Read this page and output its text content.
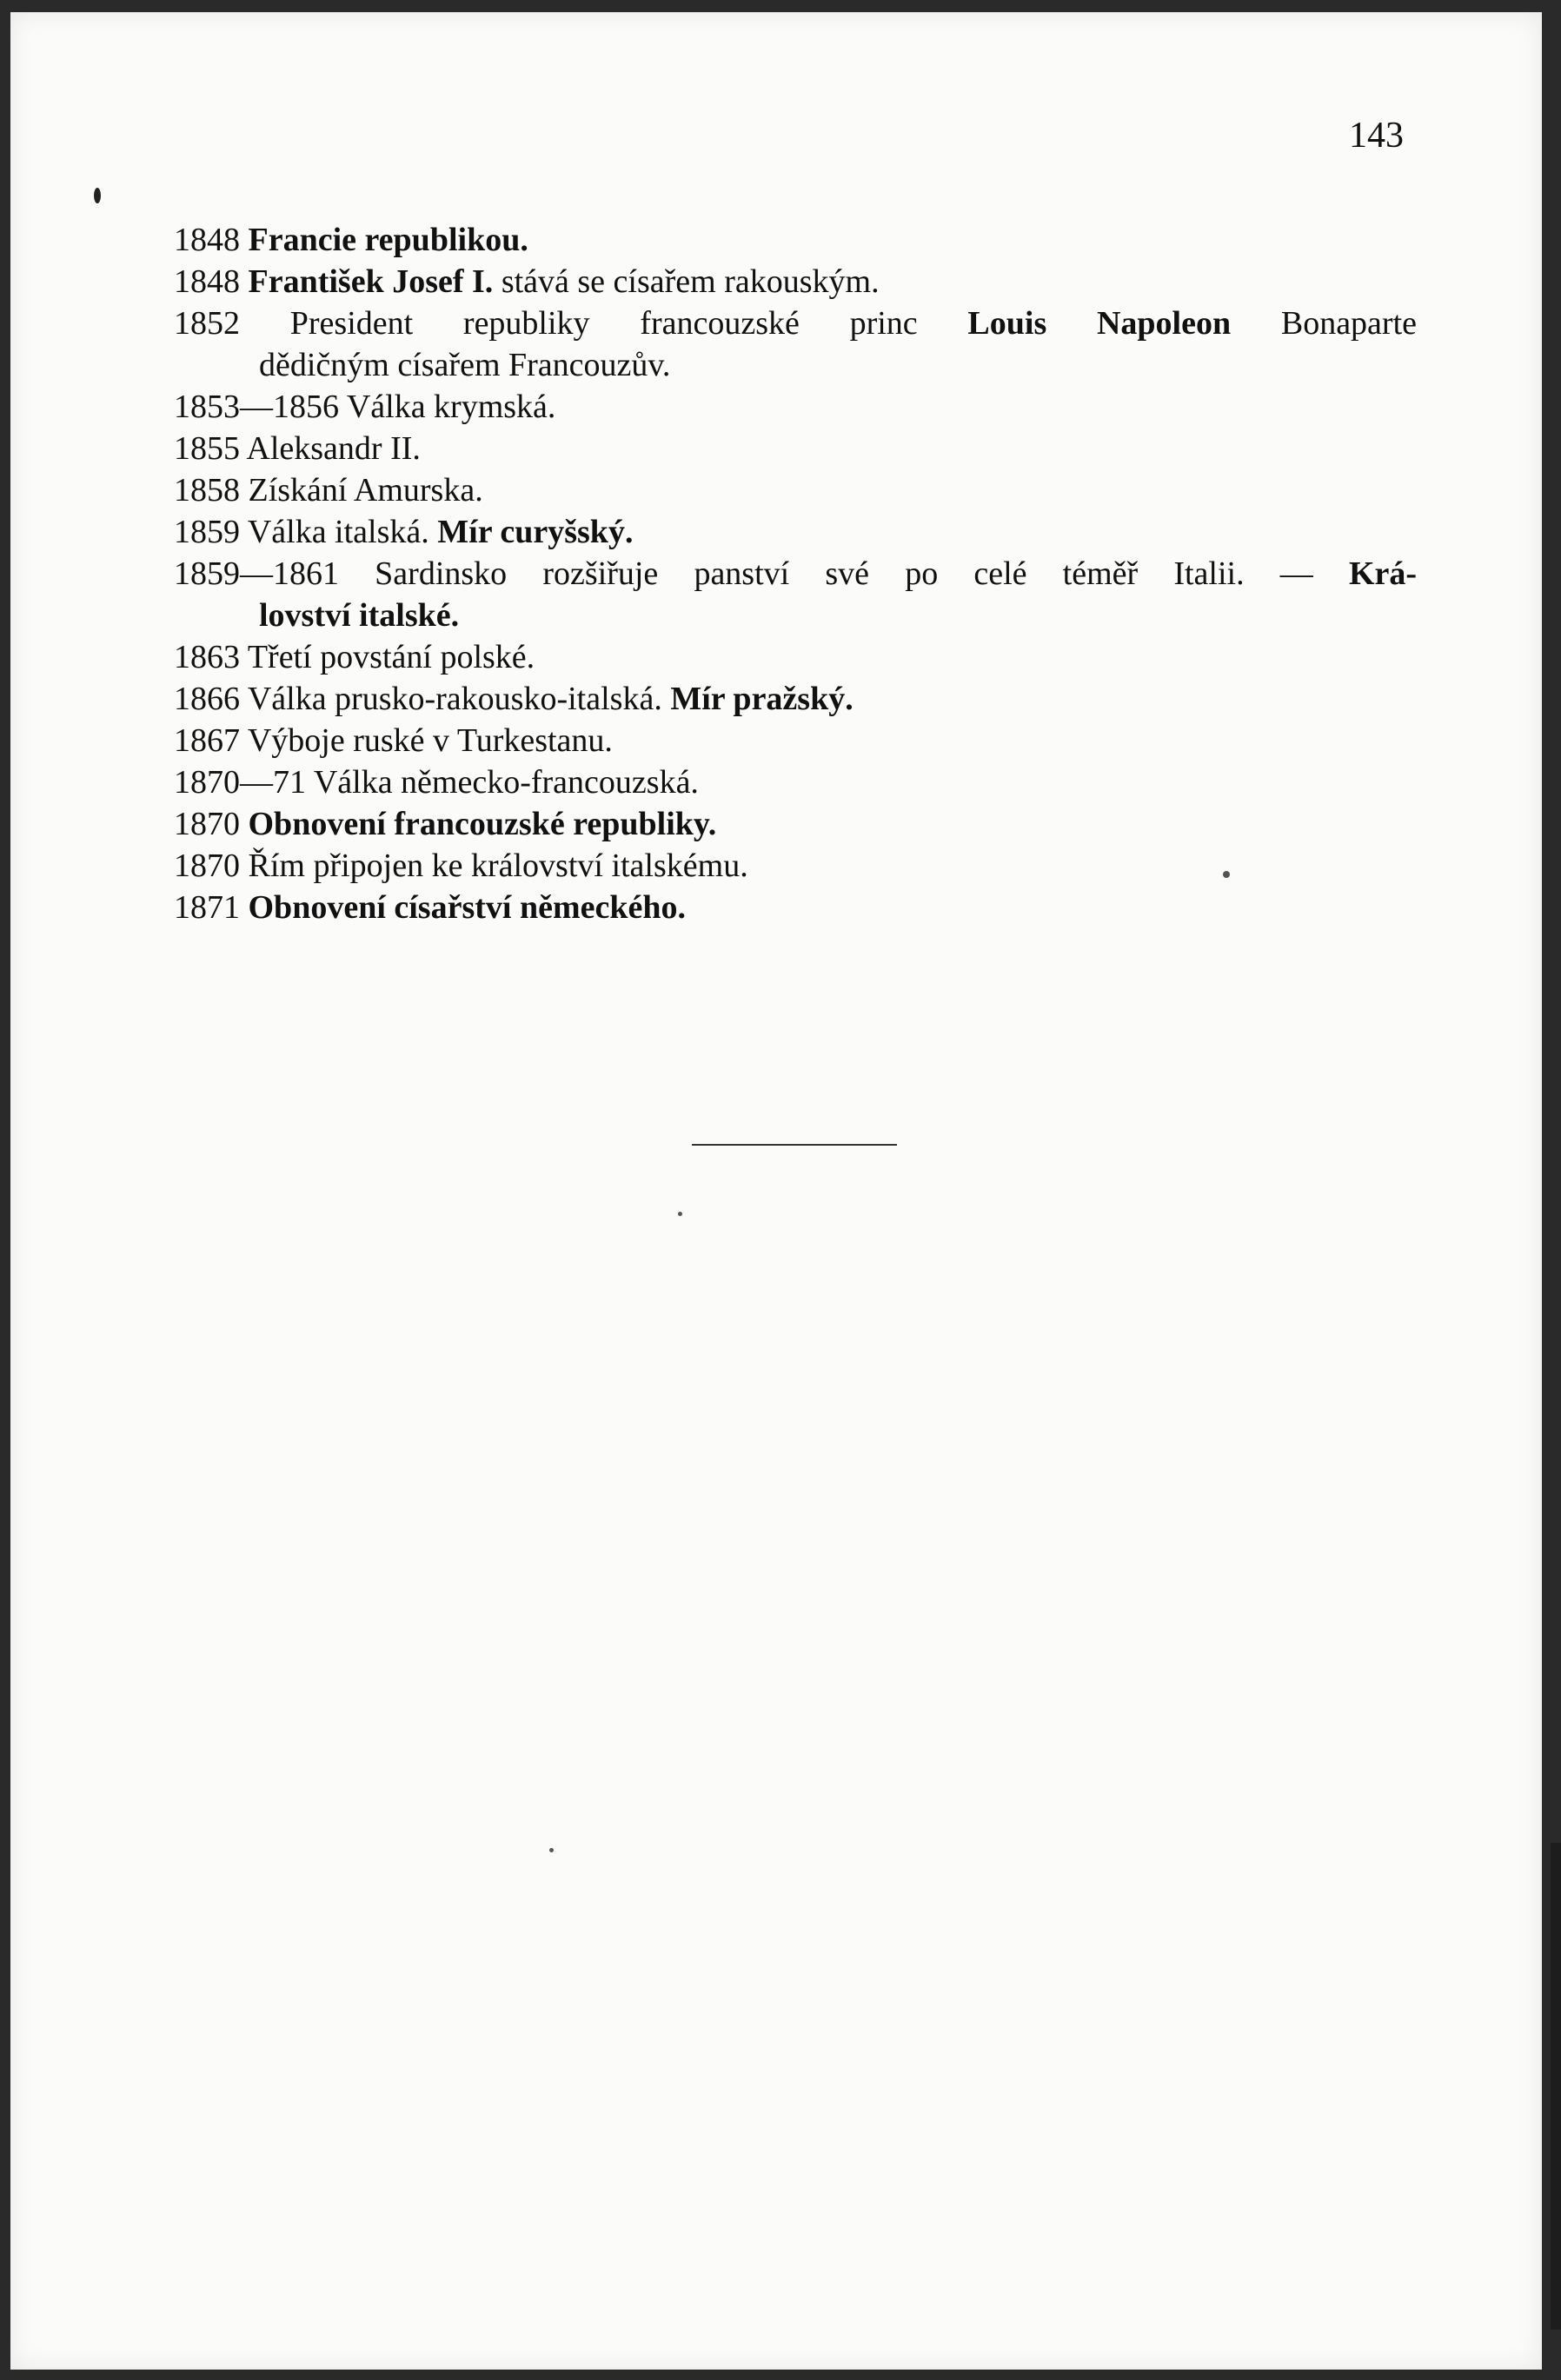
143

1848 Francie republikou.

1848 František Josef I. stává se císařem rakouským.

1852 President republiky francouzské princ Louis Napoleon Bonaparte

dědičným císařem Francouzův.

1853—1856 Válka krymská.

1855 Aleksandr II.

1858 Získání Amurska.

1859 Válka italská. Mír curyšský.

1859—1861 Sardinsko rozšiřuje panství své po celé téměř Italii. — Krá-

lovství italské.

1863 Třetí povstání polské.

1866 Válka prusko-rakousko-italská. Mír pražský.

1867 Výboje ruské v Turkestanu.

1870—71 Válka německo-francouzská.

1870 Obnovení francouzské republiky.

1870 Řím připojen ke království italskému.

1871 Obnovení císařství německého.
